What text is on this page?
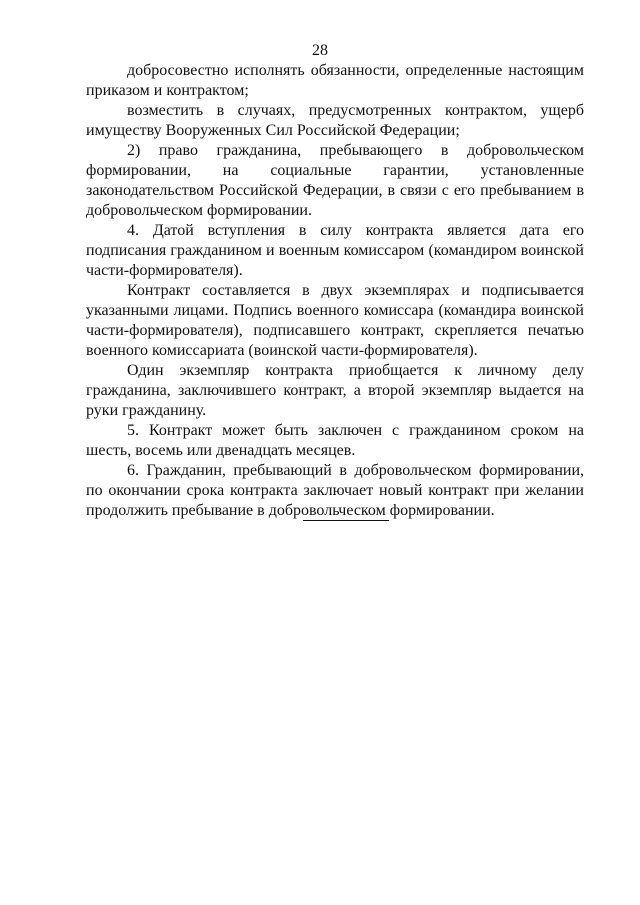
28

добросовестно исполнять обязанности, определенные настоящим приказом и контрактом;

возместить в случаях, предусмотренных контрактом, ущерб имуществу Вооруженных Сил Российской Федерации;

2) право гражданина, пребывающего в добровольческом формировании, на социальные гарантии, установленные законодательством Российской Федерации, в связи с его пребыванием в добровольческом формировании.

4. Датой вступления в силу контракта является дата его подписания гражданином и военным комиссаром (командиром воинской части-формирователя).

Контракт составляется в двух экземплярах и подписывается указанными лицами. Подпись военного комиссара (командира воинской части-формирователя), подписавшего контракт, скрепляется печатью военного комиссариата (воинской части-формирователя).

Один экземпляр контракта приобщается к личному делу гражданина, заключившего контракт, а второй экземпляр выдается на руки гражданину.

5. Контракт может быть заключен с гражданином сроком на шесть, восемь или двенадцать месяцев.

6. Гражданин, пребывающий в добровольческом формировании, по окончании срока контракта заключает новый контракт при желании продолжить пребывание в добровольческом формировании.
